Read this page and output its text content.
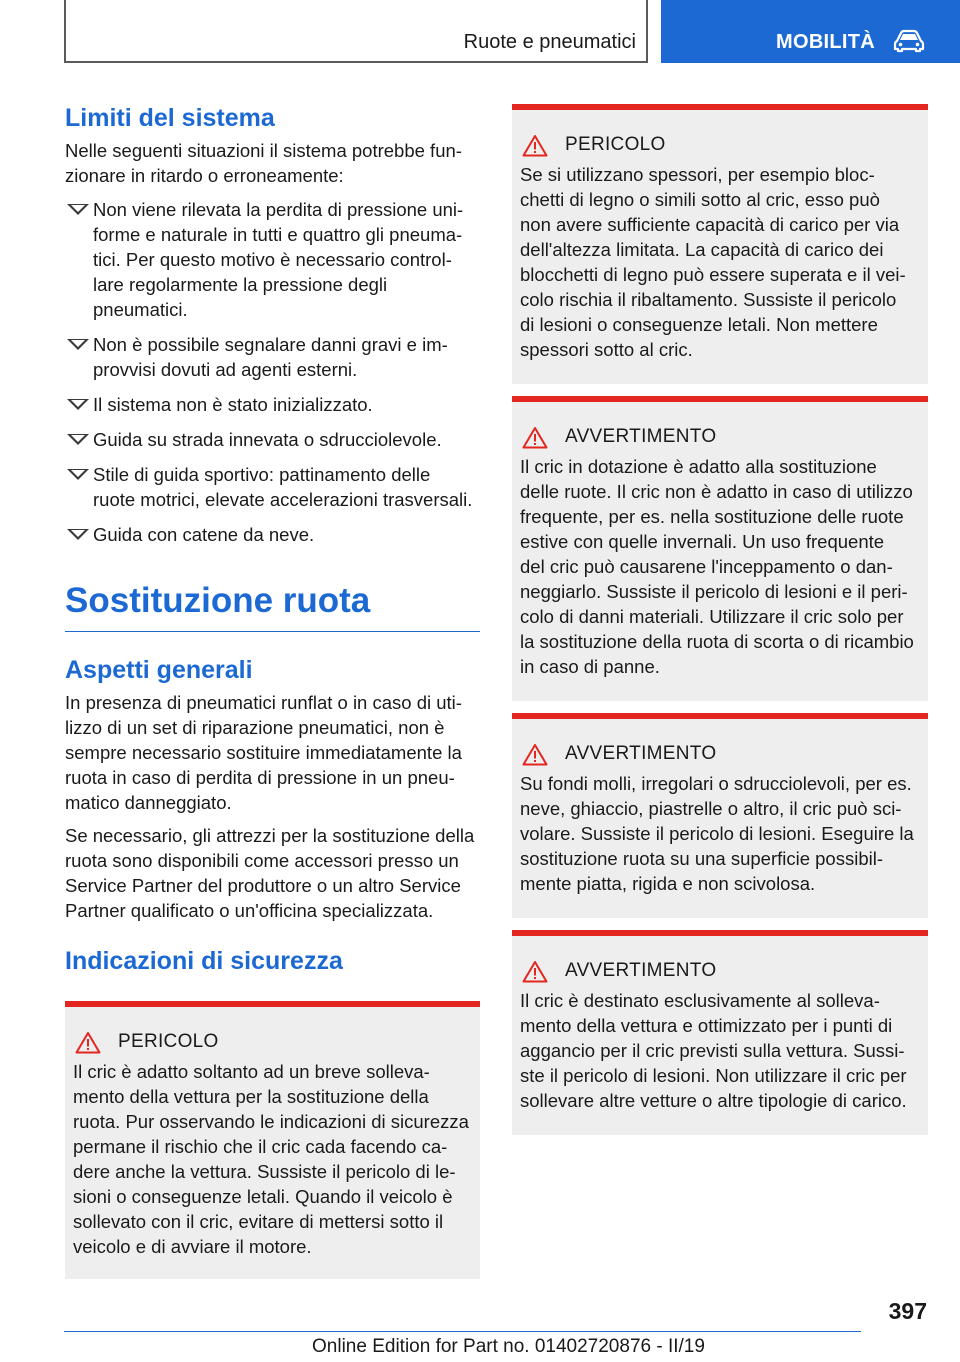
Ruote e pneumatici	MOBILITÀ
Limiti del sistema

Nelle seguenti situazioni il sistema potrebbe fun-
zionare in ritardo o erroneamente:

Non viene rilevata la perdita di pressione uni-
forme e naturale in tutti e quattro gli pneuma-
tici. Per questo motivo è necessario control-
lare regolarmente la pressione degli
pneumatici.
Non è possibile segnalare danni gravi e im-
provvisi dovuti ad agenti esterni.
Il sistema non è stato inizializzato.
Guida su strada innevata o sdrucciolevole.
Stile di guida sportivo: pattinamento delle
ruote motrici, elevate accelerazioni trasversali.
Guida con catene da neve.
Sostituzione ruota
Aspetti generali

In presenza di pneumatici runflat o in caso di uti-
lizzo di un set di riparazione pneumatici, non è
sempre necessario sostituire immediatamente la
ruota in caso di perdita di pressione in un pneu-
matico danneggiato.

Se necessario, gli attrezzi per la sostituzione della
ruota sono disponibili come accessori presso un
Service Partner del produttore o un altro Service
Partner qualificato o un'officina specializzata.

Indicazioni di sicurezza
PERICOLO

Il cric è adatto soltanto ad un breve solleva-
mento della vettura per la sostituzione della
ruota. Pur osservando le indicazioni di sicurezza
permane il rischio che il cric cada facendo ca-
dere anche la vettura. Sussiste il pericolo di le-
sioni o conseguenze letali. Quando il veicolo è
sollevato con il cric, evitare di mettersi sotto il
veicolo e di avviare il motore.

PERICOLO

Se si utilizzano spessori, per esempio bloc-
chetti di legno o simili sotto al cric, esso può
non avere sufficiente capacità di carico per via
dell'altezza limitata. La capacità di carico dei
blocchetti di legno può essere superata e il vei-
colo rischia il ribaltamento. Sussiste il pericolo
di lesioni o conseguenze letali. Non mettere
spessori sotto al cric.

AVVERTIMENTO

Il cric in dotazione è adatto alla sostituzione
delle ruote. Il cric non è adatto in caso di utilizzo
frequente, per es. nella sostituzione delle ruote
estive con quelle invernali. Un uso frequente
del cric può causarene l'inceppamento o dan-
neggiarlo. Sussiste il pericolo di lesioni e il peri-
colo di danni materiali. Utilizzare il cric solo per
la sostituzione della ruota di scorta o di ricambio
in caso di panne.

AVVERTIMENTO

Su fondi molli, irregolari o sdrucciolevoli, per es.
neve, ghiaccio, piastrelle o altro, il cric può sci-
volare. Sussiste il pericolo di lesioni. Eseguire la
sostituzione ruota su una superficie possibil-
mente piatta, rigida e non scivolosa.

AVVERTIMENTO

Il cric è destinato esclusivamente al solleva-
mento della vettura e ottimizzato per i punti di
aggancio per il cric previsti sulla vettura. Sussi-
ste il pericolo di lesioni. Non utilizzare il cric per
sollevare altre vetture o altre tipologie di carico.

397
Online Edition for Part no. 01402720876 - II/19
